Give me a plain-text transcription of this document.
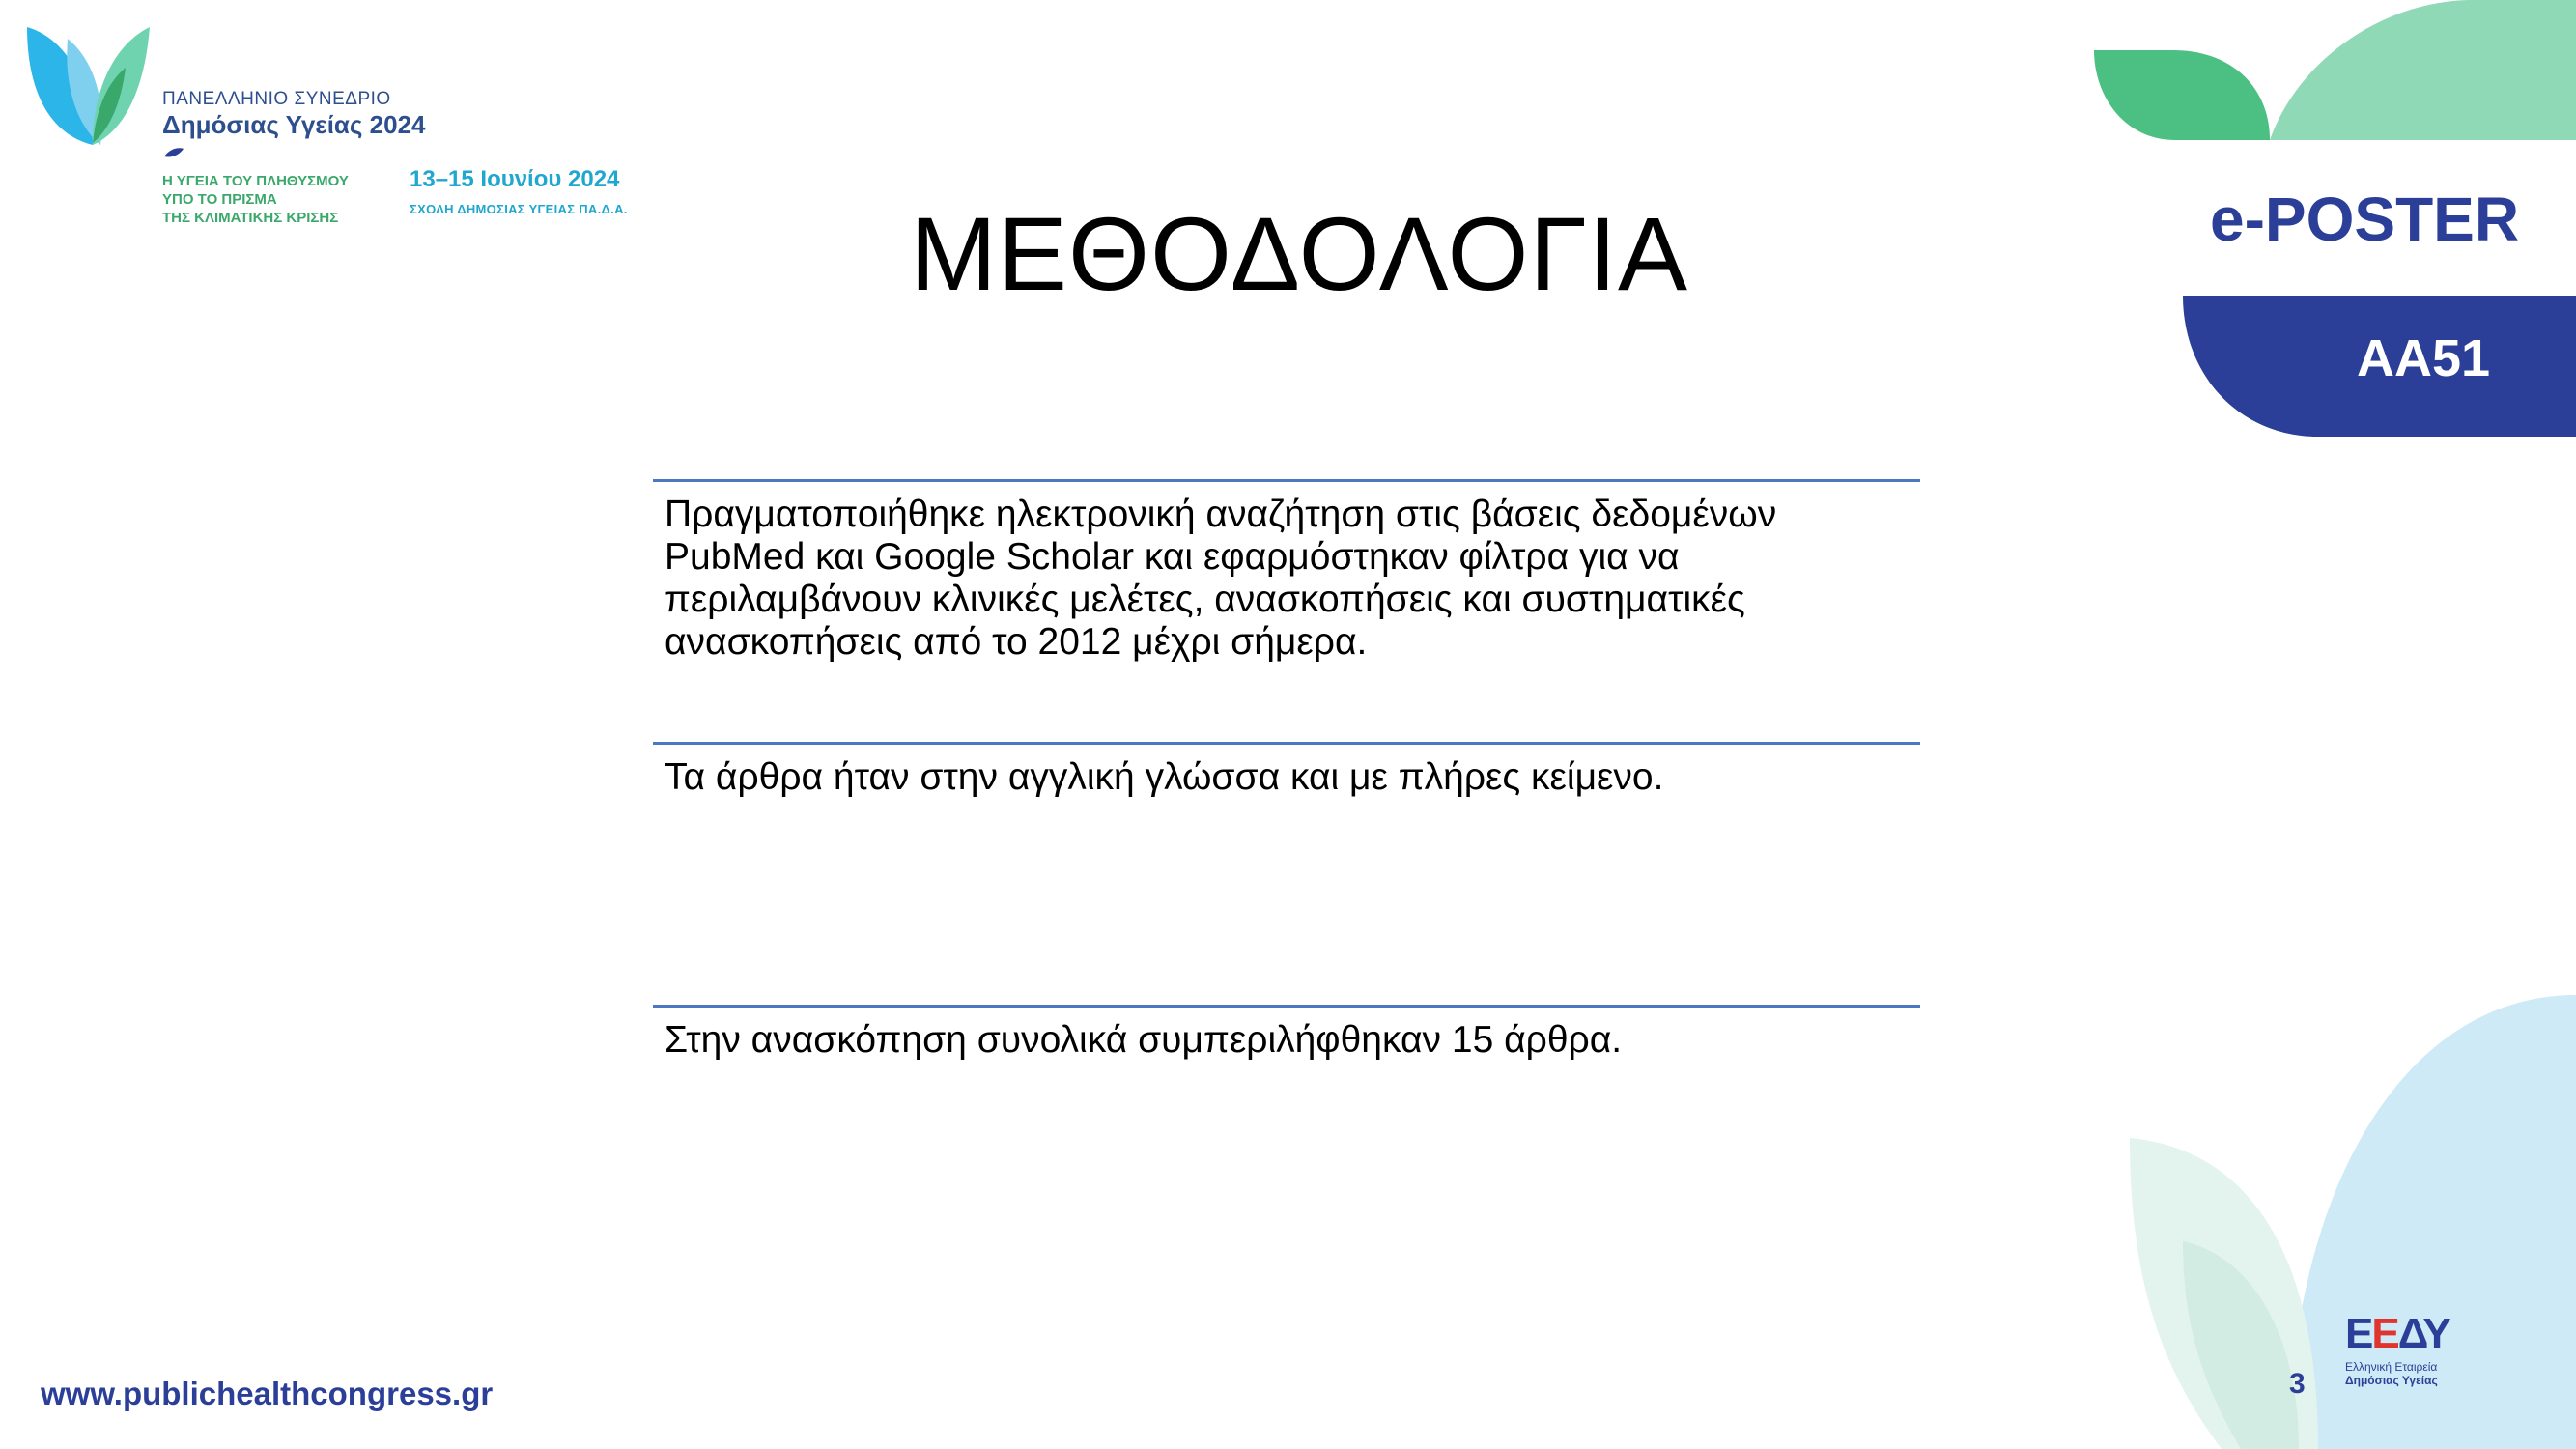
ΠΑΝΕΛΛΗΝΙΟ ΣΥΝΕΔΡΙΟ
Δημόσιας Υγείας 2024
Η ΥΓΕΙΑ ΤΟΥ ΠΛΗΘΥΣΜΟΥ
ΥΠΟ ΤΟ ΠΡΙΣΜΑ
ΤΗΣ ΚΛΙΜΑΤΙΚΗΣ ΚΡΙΣΗΣ
13–15 Ιουνίου 2024
ΣΧΟΛΗ ΔΗΜΟΣΙΑΣ ΥΓΕΙΑΣ ΠΑ.Δ.Α.	ΜΕΘΟΔΟΛΟΓΙΑ	e-POSTER
AA51
Πραγματοποιήθηκε ηλεκτρονική αναζήτηση στις βάσεις δεδομένων PubMed και Google Scholar και εφαρμόστηκαν φίλτρα για να περιλαμβάνουν κλινικές μελέτες, ανασκοπήσεις και συστηματικές ανασκοπήσεις από το 2012 μέχρι σήμερα.
Τα άρθρα ήταν στην αγγλική γλώσσα και με πλήρες κείμενο.
Στην ανασκόπηση συνολικά συμπεριλήφθηκαν 15 άρθρα.
www.publichealthcongress.gr	3
ΕΕΔΥ
Ελληνική Εταιρεία
Δημόσιας Υγείας
